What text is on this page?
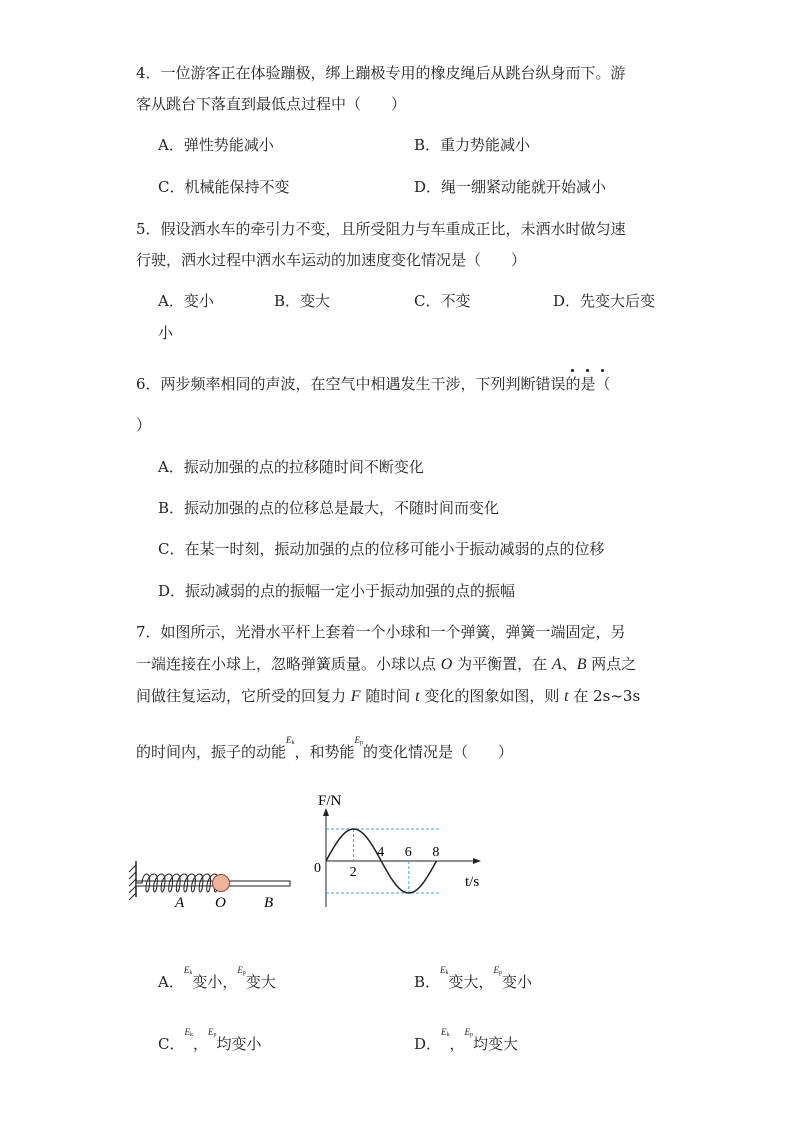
4．一位游客正在体验蹦极，绑上蹦极专用的橡皮绳后从跳台纵身而下。游
客从跳台下落直到最低点过程中（　　）
A．弹性势能减小	B．重力势能减小
C．机械能保持不变	D．绳一绷紧动能就开始减小
5．假设洒水车的牵引力不变，且所受阻力与车重成正比，未洒水时做匀速
行驶，洒水过程中洒水车运动的加速度变化情况是（　　）
A．变小	B．变大	C．不变	D．先变大后变
小
6．两步频率相同的声波，在空气中相遇发生干涉，下列判断错误的是（
）
A．振动加强的点的拉移随时间不断变化
B．振动加强的点的位移总是最大，不随时间而变化
C．在某一时刻，振动加强的点的位移可能小于振动减弱的点的位移
D．振动减弱的点的振幅一定小于振动加强的点的振幅
7．如图所示，光滑水平杆上套着一个小球和一个弹簧，弹簧一端固定，另
一端连接在小球上，忽略弹簧质量。小球以点 O 为平衡置，在 A、B 两点之
间做往复运动，它所受的回复力 F 随时间 t 变化的图象如图，则 t 在 2s~3s
的时间内，振子的动能$E_k$，和势能$E_p$的变化情况是（　　）
A O	B
F/N
t/s
0 2
4 6 8
A．$E_k$变小，$E_p$变大	B．$E_k$变大，$E_p$变小
C．$E_k$，$E_p$均变小	D．$E_k$，$E_p$均变大
